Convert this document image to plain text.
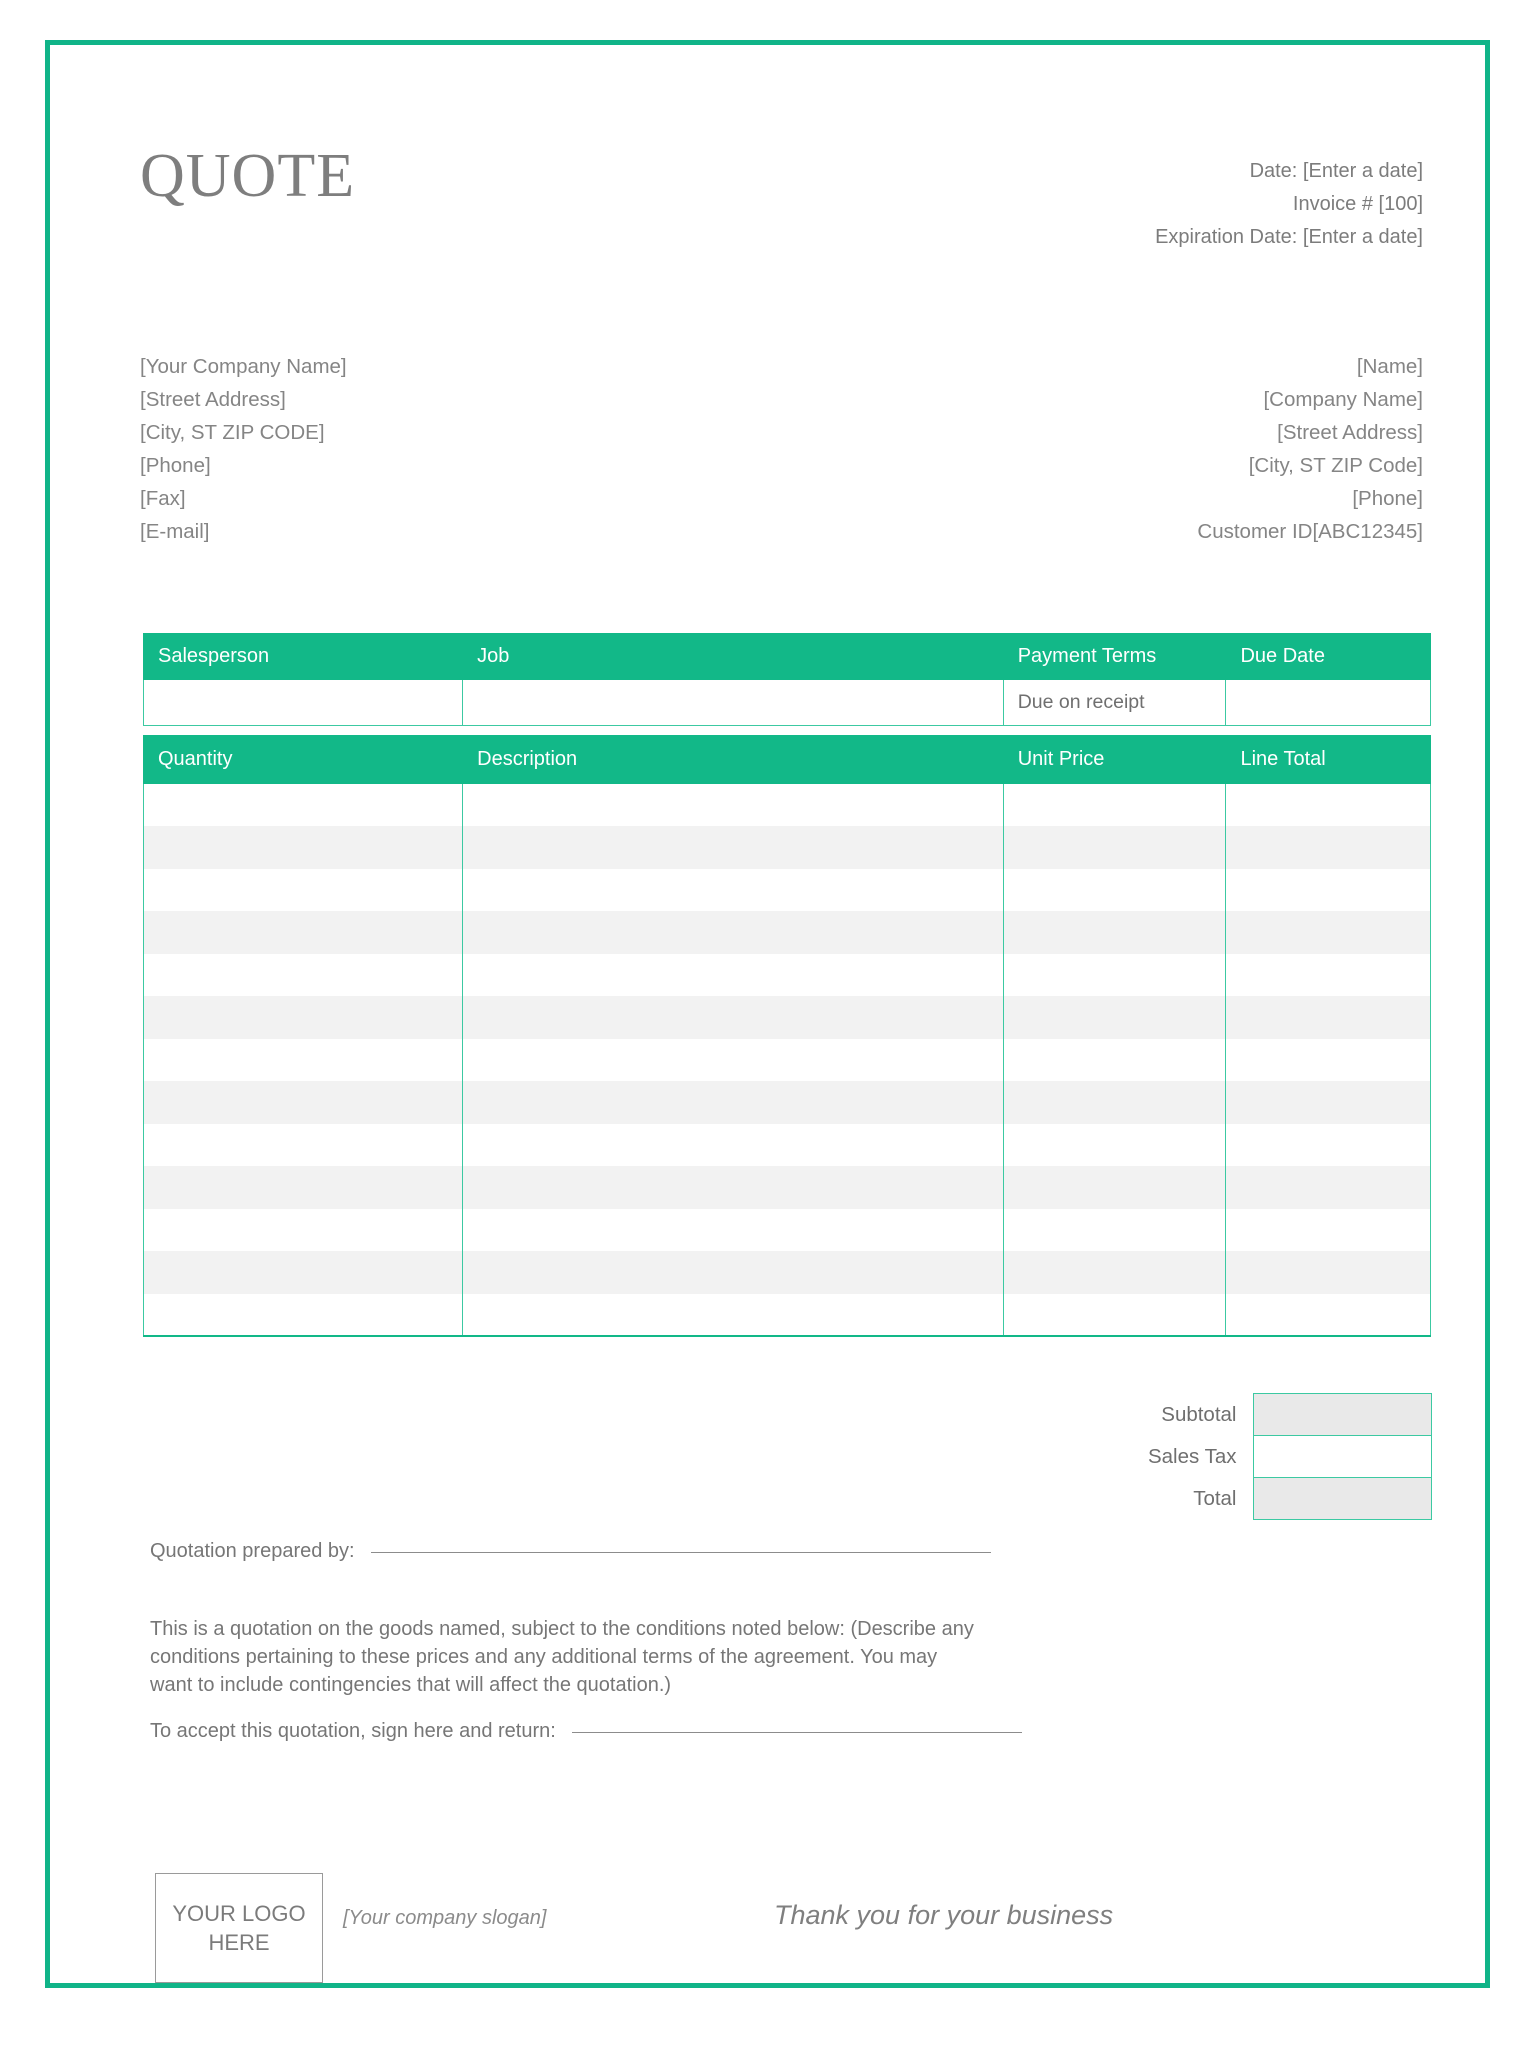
QUOTE	Date: [Enter a date]
Invoice # [100]
Expiration Date: [Enter a date]
[Your Company Name]
[Street Address]
[City, ST ZIP CODE]
[Phone]
[Fax]
[E-mail]
[Name]
[Company Name]
[Street Address]
[City, ST ZIP Code]
[Phone]
Customer ID[ABC12345]
Salesperson	Job	Payment Terms	Due Date
		Due on receipt	
Quantity	Description	Unit Price	Line Total

Subtotal	
Sales Tax	
Total	
Quotation prepared by:
This is a quotation on the goods named, subject to the conditions noted below: (Describe any conditions pertaining to these prices and any additional terms of the agreement. You may want to include contingencies that will affect the quotation.)
To accept this quotation, sign here and return:
YOUR LOGO
HERE
[Your company slogan]	Thank you for your business
